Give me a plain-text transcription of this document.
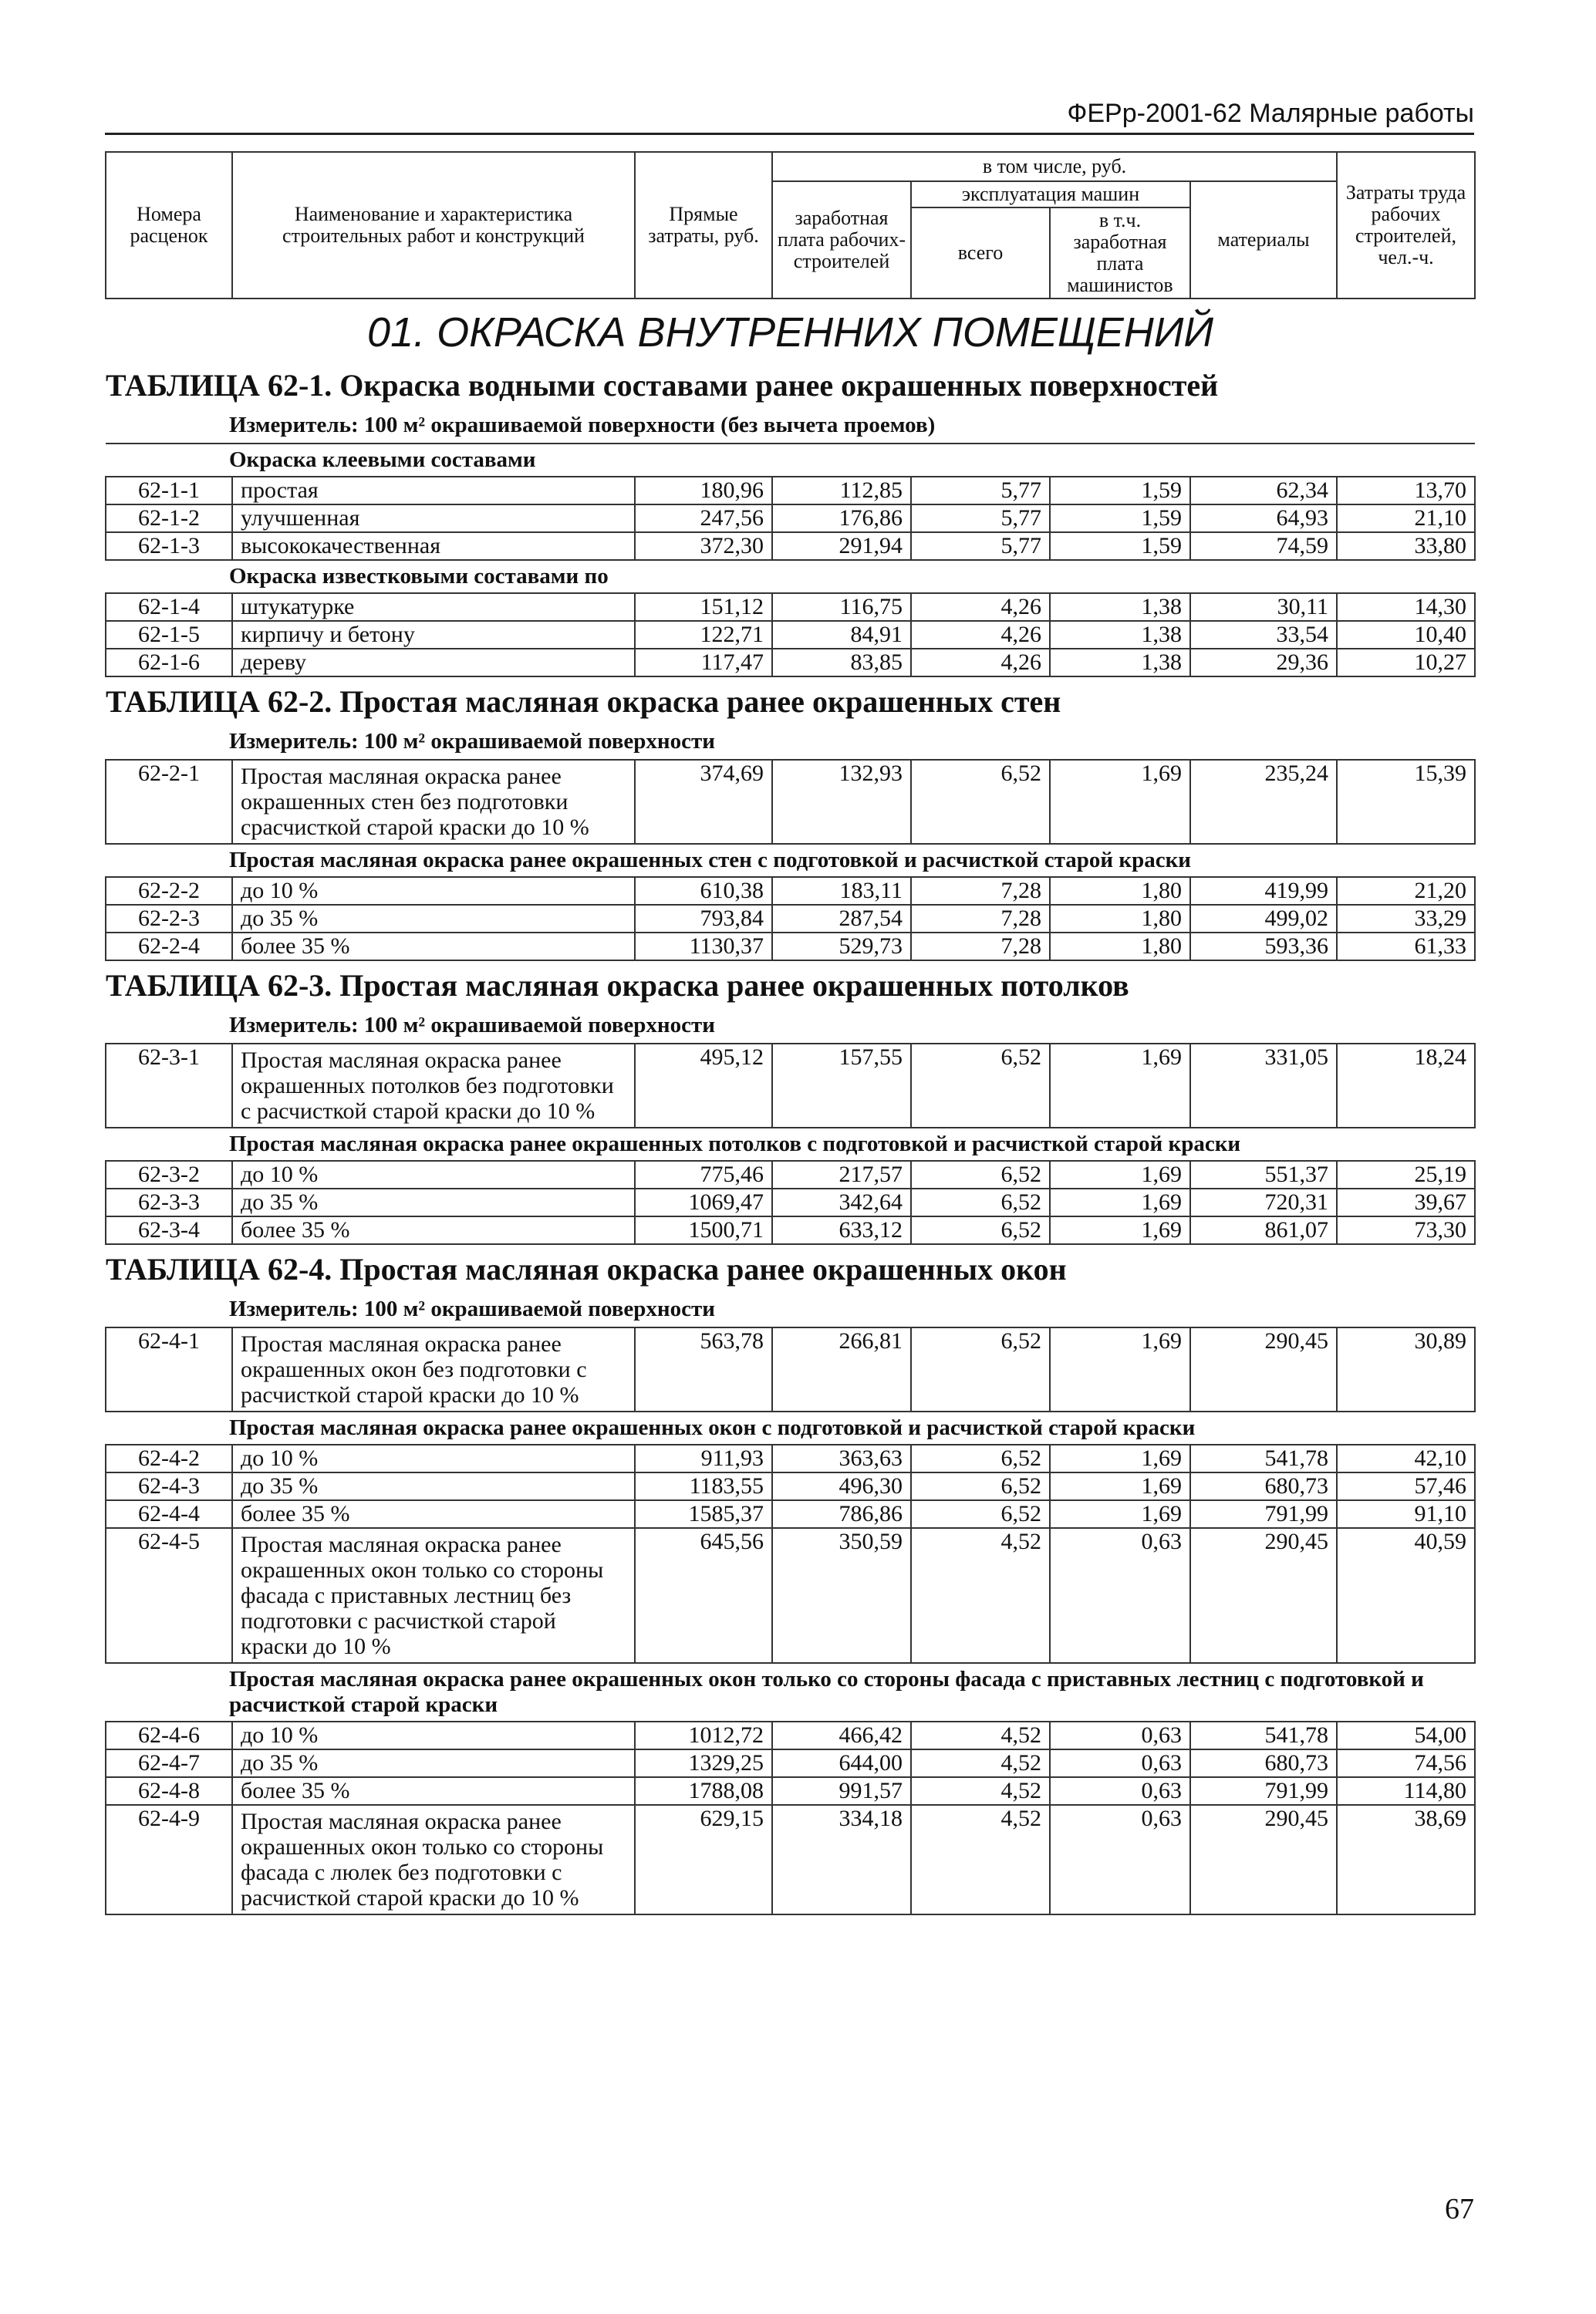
ФЕРр-2001-62 Малярные работы
Номера расценок	Наименование и характеристика строительных работ и конструкций	Прямые затраты, руб.	в том числе, руб.				Затраты труда рабочих строителей, чел.-ч.
			заработная плата рабочих-строителей	эксплуатация машин		материалы	
				всего	в т.ч. заработная плата машинистов		

01. ОКРАСКА ВНУТРЕННИХ ПОМЕЩЕНИЙ							
ТАБЛИЦА 62-1. Окраска водными составами ранее окрашенных поверхностей							
Измеритель: 100 м² окрашиваемой поверхности (без вычета проемов)							
Окраска клеевыми составами							
62-1-1	простая	180,96	112,85	5,77	1,59	62,34	13,70
62-1-2	улучшенная	247,56	176,86	5,77	1,59	64,93	21,10
62-1-3	высококачественная	372,30	291,94	5,77	1,59	74,59	33,80
Окраска известковыми составами по							
62-1-4	штукатурке	151,12	116,75	4,26	1,38	30,11	14,30
62-1-5	кирпичу и бетону	122,71	84,91	4,26	1,38	33,54	10,40
62-1-6	дереву	117,47	83,85	4,26	1,38	29,36	10,27
ТАБЛИЦА 62-2. Простая масляная окраска ранее окрашенных стен							
Измеритель: 100 м² окрашиваемой поверхности							
62-2-1	Простая масляная окраска ранее окрашенных стен без подготовки срасчисткой старой краски до 10 %	374,69	132,93	6,52	1,69	235,24	15,39
Простая масляная окраска ранее окрашенных стен с подготовкой и расчисткой старой краски							
62-2-2	до 10 %	610,38	183,11	7,28	1,80	419,99	21,20
62-2-3	до 35 %	793,84	287,54	7,28	1,80	499,02	33,29
62-2-4	более 35 %	1130,37	529,73	7,28	1,80	593,36	61,33
ТАБЛИЦА 62-3. Простая масляная окраска ранее окрашенных потолков							
Измеритель: 100 м² окрашиваемой поверхности							
62-3-1	Простая масляная окраска ранее окрашенных потолков без подготовки с расчисткой старой краски до 10 %	495,12	157,55	6,52	1,69	331,05	18,24
Простая масляная окраска ранее окрашенных потолков с подготовкой и расчисткой старой краски							
62-3-2	до 10 %	775,46	217,57	6,52	1,69	551,37	25,19
62-3-3	до 35 %	1069,47	342,64	6,52	1,69	720,31	39,67
62-3-4	более 35 %	1500,71	633,12	6,52	1,69	861,07	73,30
ТАБЛИЦА 62-4. Простая масляная окраска ранее окрашенных окон							
Измеритель: 100 м² окрашиваемой поверхности							
62-4-1	Простая масляная окраска ранее окрашенных окон без подготовки с расчисткой старой краски до 10 %	563,78	266,81	6,52	1,69	290,45	30,89
Простая масляная окраска ранее окрашенных окон с подготовкой и расчисткой старой краски							
62-4-2	до 10 %	911,93	363,63	6,52	1,69	541,78	42,10
62-4-3	до 35 %	1183,55	496,30	6,52	1,69	680,73	57,46
62-4-4	более 35 %	1585,37	786,86	6,52	1,69	791,99	91,10
62-4-5	Простая масляная окраска ранее окрашенных окон только со стороны фасада с приставных лестниц без подготовки с расчисткой старой краски до 10 %	645,56	350,59	4,52	0,63	290,45	40,59
Простая масляная окраска ранее окрашенных окон только со стороны фасада с приставных лестниц с подготовкой и расчисткой старой краски							
62-4-6	до 10 %	1012,72	466,42	4,52	0,63	541,78	54,00
62-4-7	до 35 %	1329,25	644,00	4,52	0,63	680,73	74,56
62-4-8	более 35 %	1788,08	991,57	4,52	0,63	791,99	114,80
62-4-9	Простая масляная окраска ранее окрашенных окон только со стороны фасада с люлек без подготовки с расчисткой старой краски до 10 %	629,15	334,18	4,52	0,63	290,45	38,69
67
